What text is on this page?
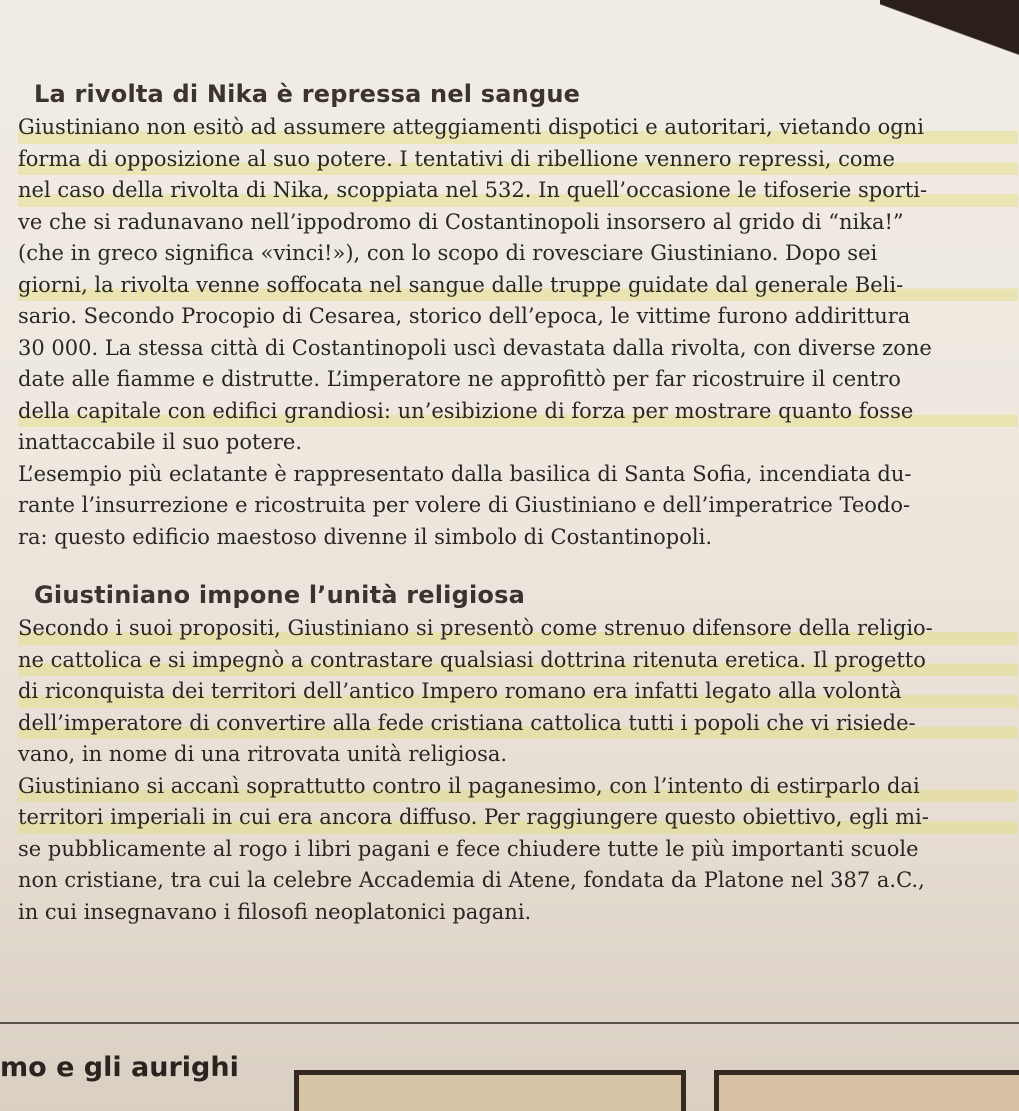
La rivolta di Nika è repressa nel sangue

Giustiniano non esitò ad assumere atteggiamenti dispotici e autoritari, vietando ogni
forma di opposizione al suo potere. I tentativi di ribellione vennero repressi, come
nel caso della rivolta di Nika, scoppiata nel 532. In quell’occasione le tifoserie sporti-
ve che si radunavano nell’ippodromo di Costantinopoli insorsero al grido di “nika!”
(che in greco significa «vinci!»), con lo scopo di rovesciare Giustiniano. Dopo sei
giorni, la rivolta venne soffocata nel sangue dalle truppe guidate dal generale Beli-
sario. Secondo Procopio di Cesarea, storico dell’epoca, le vittime furono addirittura
30 000. La stessa città di Costantinopoli uscì devastata dalla rivolta, con diverse zone
date alle fiamme e distrutte. L’imperatore ne approfittò per far ricostruire il centro
della capitale con edifici grandiosi: un’esibizione di forza per mostrare quanto fosse
inattaccabile il suo potere.
L’esempio più eclatante è rappresentato dalla basilica di Santa Sofia, incendiata du-
rante l’insurrezione e ricostruita per volere di Giustiniano e dell’imperatrice Teodo-
ra: questo edificio maestoso divenne il simbolo di Costantinopoli.

Giustiniano impone l’unità religiosa

Secondo i suoi propositi, Giustiniano si presentò come strenuo difensore della religio-
ne cattolica e si impegnò a contrastare qualsiasi dottrina ritenuta eretica. Il progetto
di riconquista dei territori dell’antico Impero romano era infatti legato alla volontà
dell’imperatore di convertire alla fede cristiana cattolica tutti i popoli che vi risiede-
vano, in nome di una ritrovata unità religiosa.
Giustiniano si accanì soprattutto contro il paganesimo, con l’intento di estirparlo dai
territori imperiali in cui era ancora diffuso. Per raggiungere questo obiettivo, egli mi-
se pubblicamente al rogo i libri pagani e fece chiudere tutte le più importanti scuole
non cristiane, tra cui la celebre Accademia di Atene, fondata da Platone nel 387 a.C.,
in cui insegnavano i filosofi neoplatonici pagani.

mo e gli aurighi
